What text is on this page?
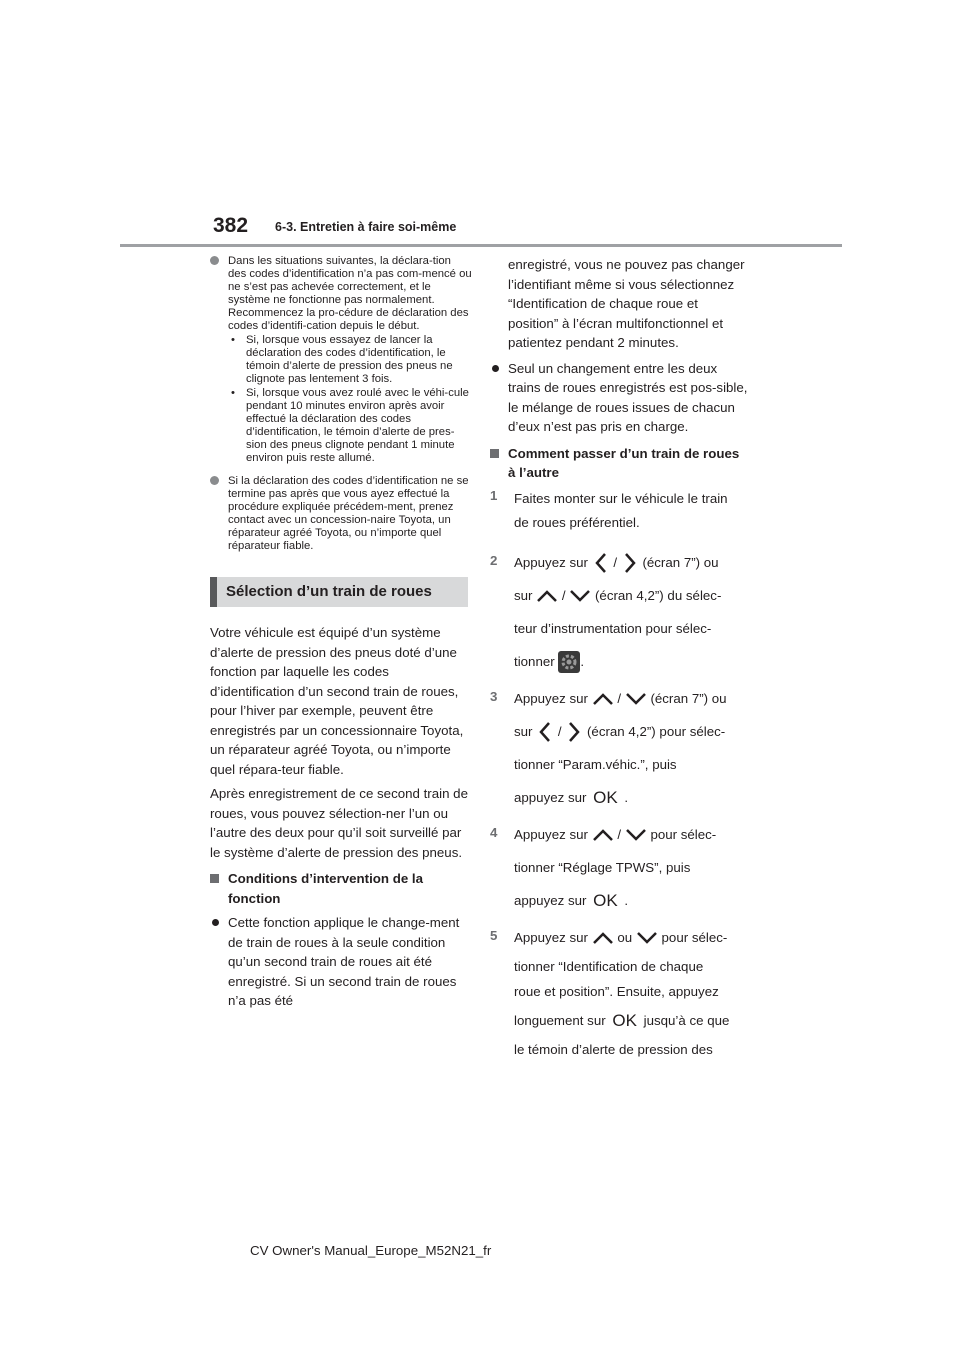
382 6-3. Entretien à faire soi-même
Dans les situations suivantes, la déclara-tion des codes d’identification n’a pas com-mencé ou ne s’est pas achevée correctement, et le système ne fonctionne pas normalement. Recommencez la pro-cédure de déclaration des codes d’identifi-cation depuis le début.
• Si, lorsque vous essayez de lancer la déclaration des codes d’identification, le témoin d’alerte de pression des pneus ne clignote pas lentement 3 fois.
• Si, lorsque vous avez roulé avec le véhi-cule pendant 10 minutes environ après avoir effectué la déclaration des codes d’identification, le témoin d’alerte de pres-sion des pneus clignote pendant 1 minute environ puis reste allumé.
Si la déclaration des codes d’identification ne se termine pas après que vous ayez effectué la procédure expliquée précédem-ment, prenez contact avec un concession-naire Toyota, un réparateur agréé Toyota, ou n’importe quel réparateur fiable.
Sélection d’un train de roues

Votre véhicule est équipé d’un système d’alerte de pression des pneus doté d’une fonction par laquelle les codes d’identification d’un second train de roues, pour l’hiver par exemple, peuvent être enregistrés par un concessionnaire Toyota, un réparateur agréé Toyota, ou n’importe quel répara-teur fiable.

Après enregistrement de ce second train de roues, vous pouvez sélection-ner l’un ou l’autre des deux pour qu’il soit surveillé par le système d’alerte de pression des pneus.

Conditions d’intervention de la fonction
Cette fonction applique le change-ment de train de roues à la seule condition qu’un second train de roues ait été enregistré. Si un second train de roues n’a pas été

enregistré, vous ne pouvez pas changer l’identifiant même si vous sélectionnez “Identification de chaque roue et position” à l’écran multifonctionnel et patientez pendant 2 minutes.

Seul un changement entre les deux trains de roues enregistrés est pos-sible, le mélange de roues issues de chacun d’eux n’est pas pris en charge.
Comment passer d’un train de roues à l’autre
1 Faites monter sur le véhicule le train
de roues préférentiel.
2 Appuyez sur / (écran 7”) ou
sur / (écran 4,2”) du sélec-
teur d’instrumentation pour sélec-
tionner .
3 Appuyez sur / (écran 7”) ou
sur / (écran 4,2”) pour sélec-
tionner “Param.véhic.”, puis
appuyez sur OK .
4 Appuyez sur / pour sélec-
tionner “Réglage TPWS”, puis
appuyez sur OK .
5 Appuyez sur ou pour sélec-
tionner “Identification de chaque
roue et position”. Ensuite, appuyez
longuement sur OK jusqu’à ce que
le témoin d’alerte de pression des
CV Owner's Manual_Europe_M52N21_fr
